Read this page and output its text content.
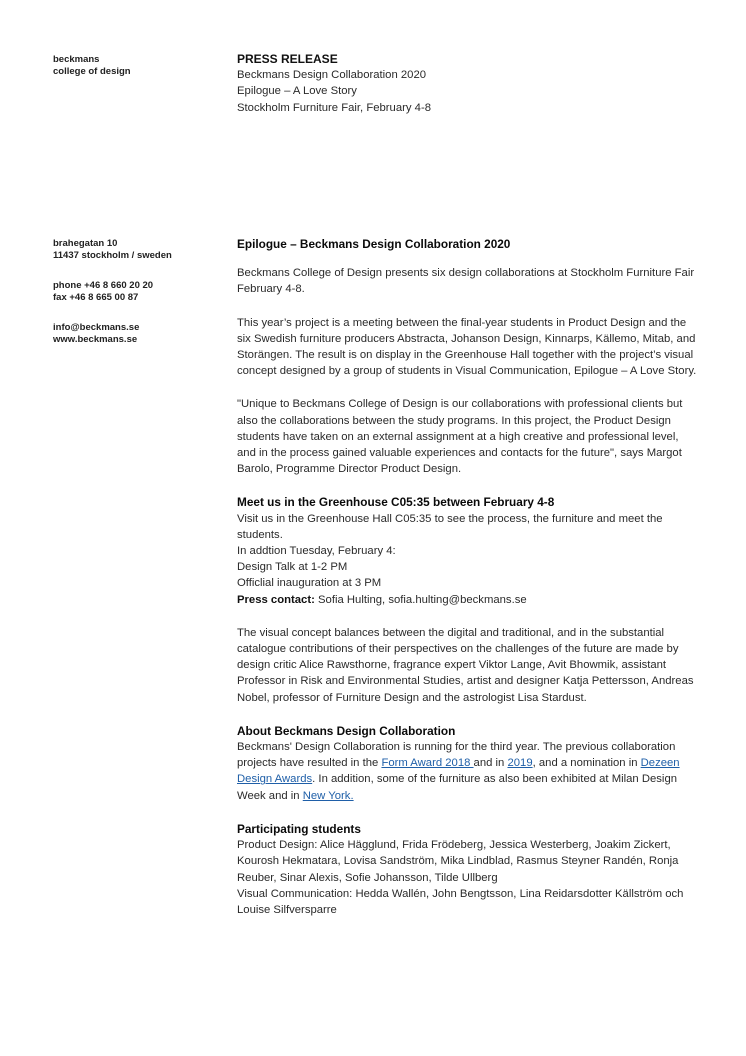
beckmans
college of design
brahegatan 10
11437 stockholm / sweden
phone +46 8 660 20 20
fax +46 8 665 00 87
info@beckmans.se
www.beckmans.se

PRESS RELEASE

Beckmans Design Collaboration 2020

Epilogue – A Love Story

Stockholm Furniture Fair, February 4-8

Epilogue – Beckmans Design Collaboration 2020

Beckmans College of Design presents six design collaborations at Stockholm Furniture Fair February 4-8.

This year’s project is a meeting between the final-year students in Product Design and the six Swedish furniture producers Abstracta, Johanson Design, Kinnarps, Källemo, Mitab, and Storängen. The result is on display in the Greenhouse Hall together with the project’s visual concept designed by a group of students in Visual Communication, Epilogue – A Love Story.

"Unique to Beckmans College of Design is our collaborations with professional clients but also the collaborations between the study programs. In this project, the Product Design students have taken on an external assignment at a high creative and professional level, and in the process gained valuable experiences and contacts for the future", says Margot Barolo, Programme Director Product Design.

Meet us in the Greenhouse C05:35 between February 4-8

Visit us in the Greenhouse Hall C05:35 to see the process, the furniture and meet the students.

In addtion Tuesday, February 4:

Design Talk at 1-2 PM

Officlial inauguration at 3 PM

Press contact: Sofia Hulting, sofia.hulting@beckmans.se

The visual concept balances between the digital and traditional, and in the substantial catalogue contributions of their perspectives on the challenges of the future are made by design critic Alice Rawsthorne, fragrance expert Viktor Lange, Avit Bhowmik, assistant Professor in Risk and Environmental Studies, artist and designer Katja Pettersson, Andreas Nobel, professor of Furniture Design and the astrologist Lisa Stardust.

About Beckmans Design Collaboration

Beckmans' Design Collaboration is running for the third year. The previous collaboration projects have resulted in the Form Award 2018 and in 2019, and a nomination in Dezeen Design Awards. In addition, some of the furniture as also been exhibited at Milan Design Week and in New York.

Participating students

Product Design: Alice Hägglund, Frida Frödeberg, Jessica Westerberg, Joakim Zickert, Kourosh Hekmatara, Lovisa Sandström, Mika Lindblad, Rasmus Steyner Randén, Ronja Reuber, Sinar Alexis, Sofie Johansson, Tilde Ullberg

Visual Communication: Hedda Wallén, John Bengtsson, Lina Reidarsdotter Källström och Louise Silfversparre
